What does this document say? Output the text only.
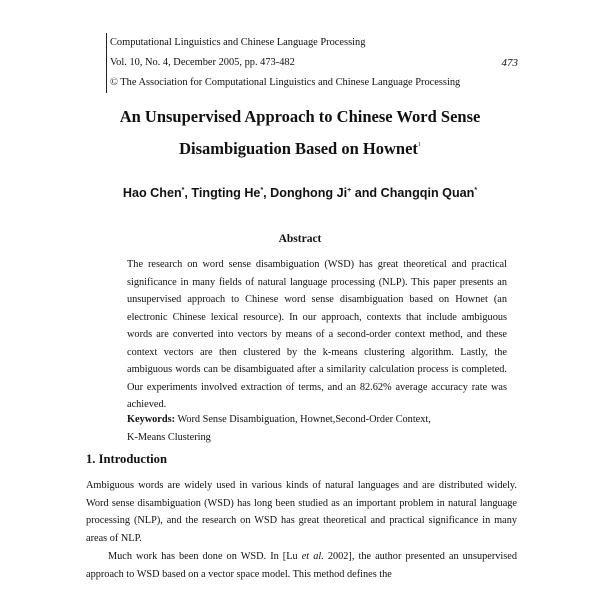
Computational Linguistics and Chinese Language Processing
Vol. 10, No. 4, December 2005, pp. 473-482	473
© The Association for Computational Linguistics and Chinese Language Processing
An Unsupervised Approach to Chinese Word Sense
Disambiguation Based on Hownet$^1$
Hao Chen*, Tingting He*, Donghong Ji+ and Changqin Quan*
Abstract

The research on word sense disambiguation (WSD) has great theoretical and practical significance in many fields of natural language processing (NLP). This paper presents an unsupervised approach to Chinese word sense disambiguation based on Hownet (an electronic Chinese lexical resource). In our approach, contexts that include ambiguous words are converted into vectors by means of a second-order context method, and these context vectors are then clustered by the k-means clustering algorithm. Lastly, the ambiguous words can be disambiguated after a similarity calculation process is completed. Our experiments involved extraction of terms, and an 82.62% average accuracy rate was achieved.

Keywords: Word Sense Disambiguation, Hownet,Second-Order Context,
K-Means Clustering
1. Introduction

Ambiguous words are widely used in various kinds of natural languages and are distributed widely. Word sense disambiguation (WSD) has long been studied as an important problem in natural language processing (NLP), and the research on WSD has great theoretical and practical significance in many areas of NLP.

Much work has been done on WSD. In [Lu et al. 2002], the author presented an unsupervised approach to WSD based on a vector space model. This method defines the
